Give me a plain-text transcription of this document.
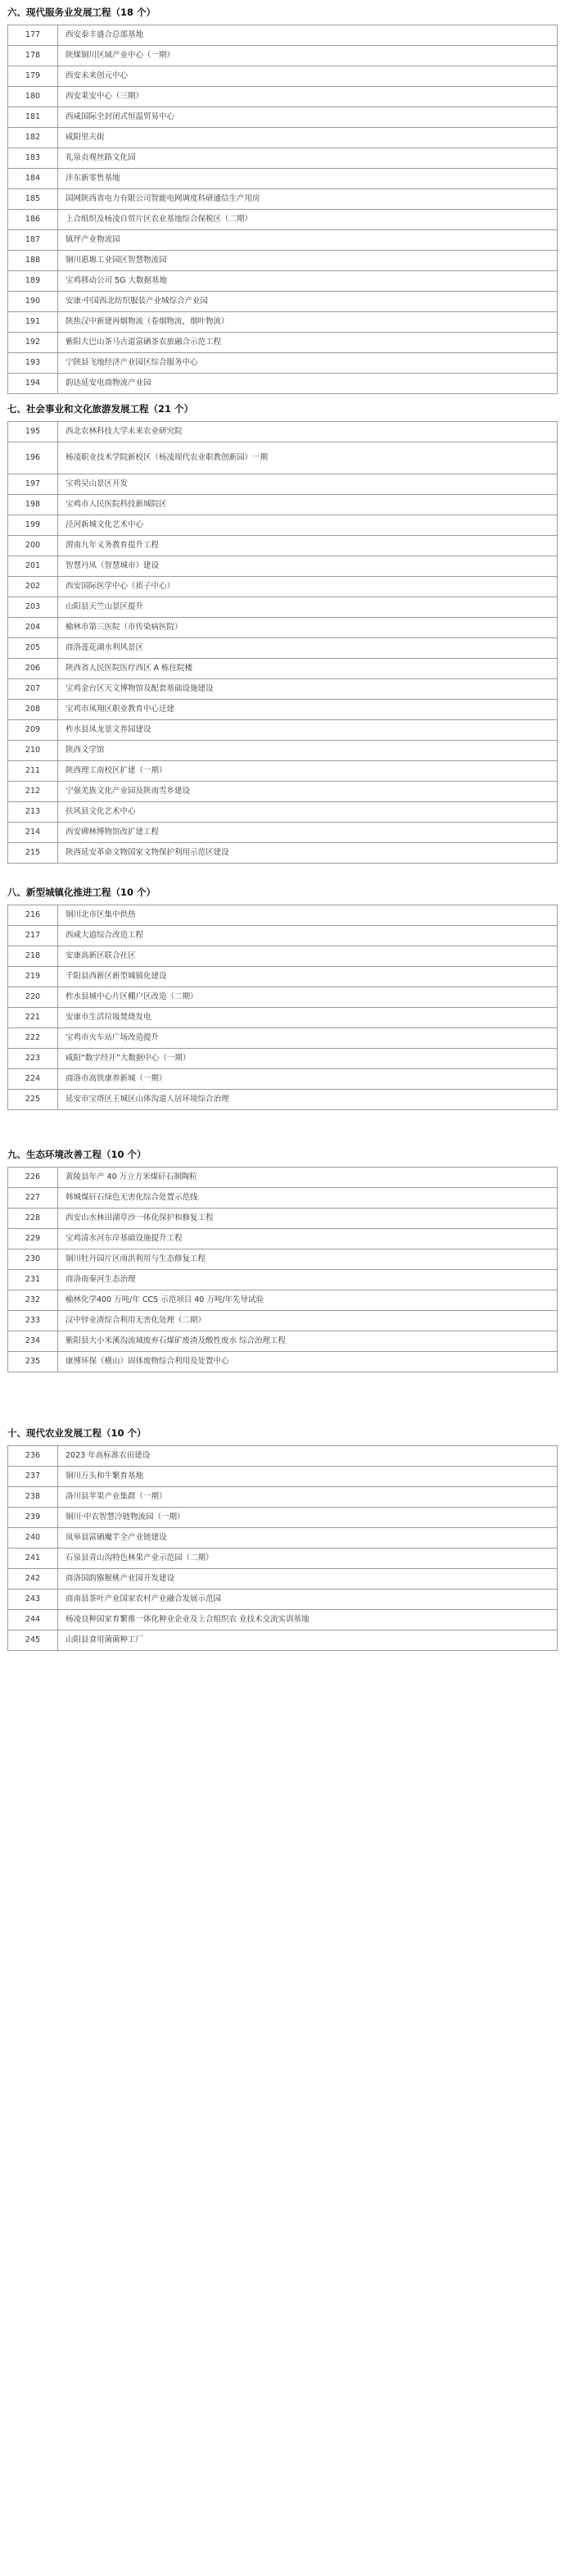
六、现代服务业发展工程（18 个）
177	西安泰丰盛合总部基地
178	陕煤铜川区域产业中心（一期）
179	西安未来创元中心
180	西安莱安中心（三期）
181	西咸国际全封闭式恒温贸易中心
182	咸阳里夫街
183	礼泉贞观丝路文化园
184	沣东新零售基地
185	国网陕西省电力有限公司智能电网调度科研通信生产用房
186	上合组织及杨凌自贸片区农业基地综合保税区（二期）
187	镇坪产业物流园
188	铜川惠塬工业园区智慧物流园
189	宝鸡移动公司 5G 大数据基地
190	安康·中国西北纺织服装产业城综合产业园
191	陕焦汉中新建再烟物流（卷烟物流，烟叶物流）
192	紫阳大巴山茶马古道富硒茶农旅融合示范工程
193	宁陕县飞地经济产业园区综合服务中心
194	韵达延安电商物流产业园
七、社会事业和文化旅游发展工程（21 个）
195	西北农林科技大学未来农业研究院
196	杨凌职业技术学院新校区（杨凌现代农业职教创新园）一期
197	宝鸡吴山景区开发
198	宝鸡市人民医院科技新城院区
199	泾河新城文化艺术中心
200	渭南九年义务教育提升工程
201	智慧丹凤（智慧城市）建设
202	西安国际医学中心（质子中心）
203	山阳县天竺山景区提升
204	榆林市第三医院（市传染病医院）
205	商洛莲花湖水利风景区
206	陕西省人民医院医疗西区 A 栋住院楼
207	宝鸡金台区天文博物馆及配套基础设施建设
208	宝鸡市凤翔区职业教育中心迁建
209	柞水县凤龙景文养园建设
210	陕西文学馆
211	陕西理工南校区扩建（一期）
212	宁强羌族文化产业园及陕南雪乡建设
213	扶风县文化艺术中心
214	西安碑林博物馆改扩建工程
215	陕西延安革命文物国家文物保护利用示范区建设
八、新型城镇化推进工程（10 个）
216	铜川北市区集中供热
217	西咸大道综合改造工程
218	安康高新区联合社区
219	千阳县西新区新型城镇化建设
220	柞水县城中心片区棚户区改造（二期）
221	安康市生活垃圾焚烧发电
222	宝鸡市火车站广场改造提升
223	咸阳“数字经开”大数据中心（一期）
224	商洛市高铁康养新城（一期）
225	延安市宝塔区王城区山体沟道人居环境综合治理
九、生态环境改善工程（10 个）
226	黄陵县年产 40 万立方米煤矸石制陶粒
227	韩城煤矸石绿色无害化综合处置示范线
228	西安山水林田湖草沙一体化保护和修复工程
229	宝鸡清水河东岸基础设施提升工程
230	铜川牡丹园片区雨洪利用与生态修复工程
231	商洛南秦河生态治理
232	榆林化学400 万吨/年 CCS 示范项目 40 万吨/年先导试验
233	汉中锌业渣综合利用无害化处理（二期）
234	紫阳县大小米溪沟流域废弃石煤矿废渣及酸性废水 综合治理工程
235	康博环保（横山）固体废物综合利用及处置中心
十、现代农业发展工程（10 个）
236	2023 年高标准农田建设
237	铜川万头和牛繁育基地
238	洛川县苹果产业集群（一期）
239	铜川·中农智慧冷链物流园（一期）
240	岚皋县富硒魔芋全产业链建设
241	石泉县青山沟特色林果产业示范园（二期）
242	商洛国韵猕猴桃产业园开发建设
243	商南县茶叶产业国家农村产业融合发展示范园
244	杨凌良种国家育繁推一体化种业企业及上合组织农 业技术交流实训基地
245	山阳县食用菌菌种工厂
